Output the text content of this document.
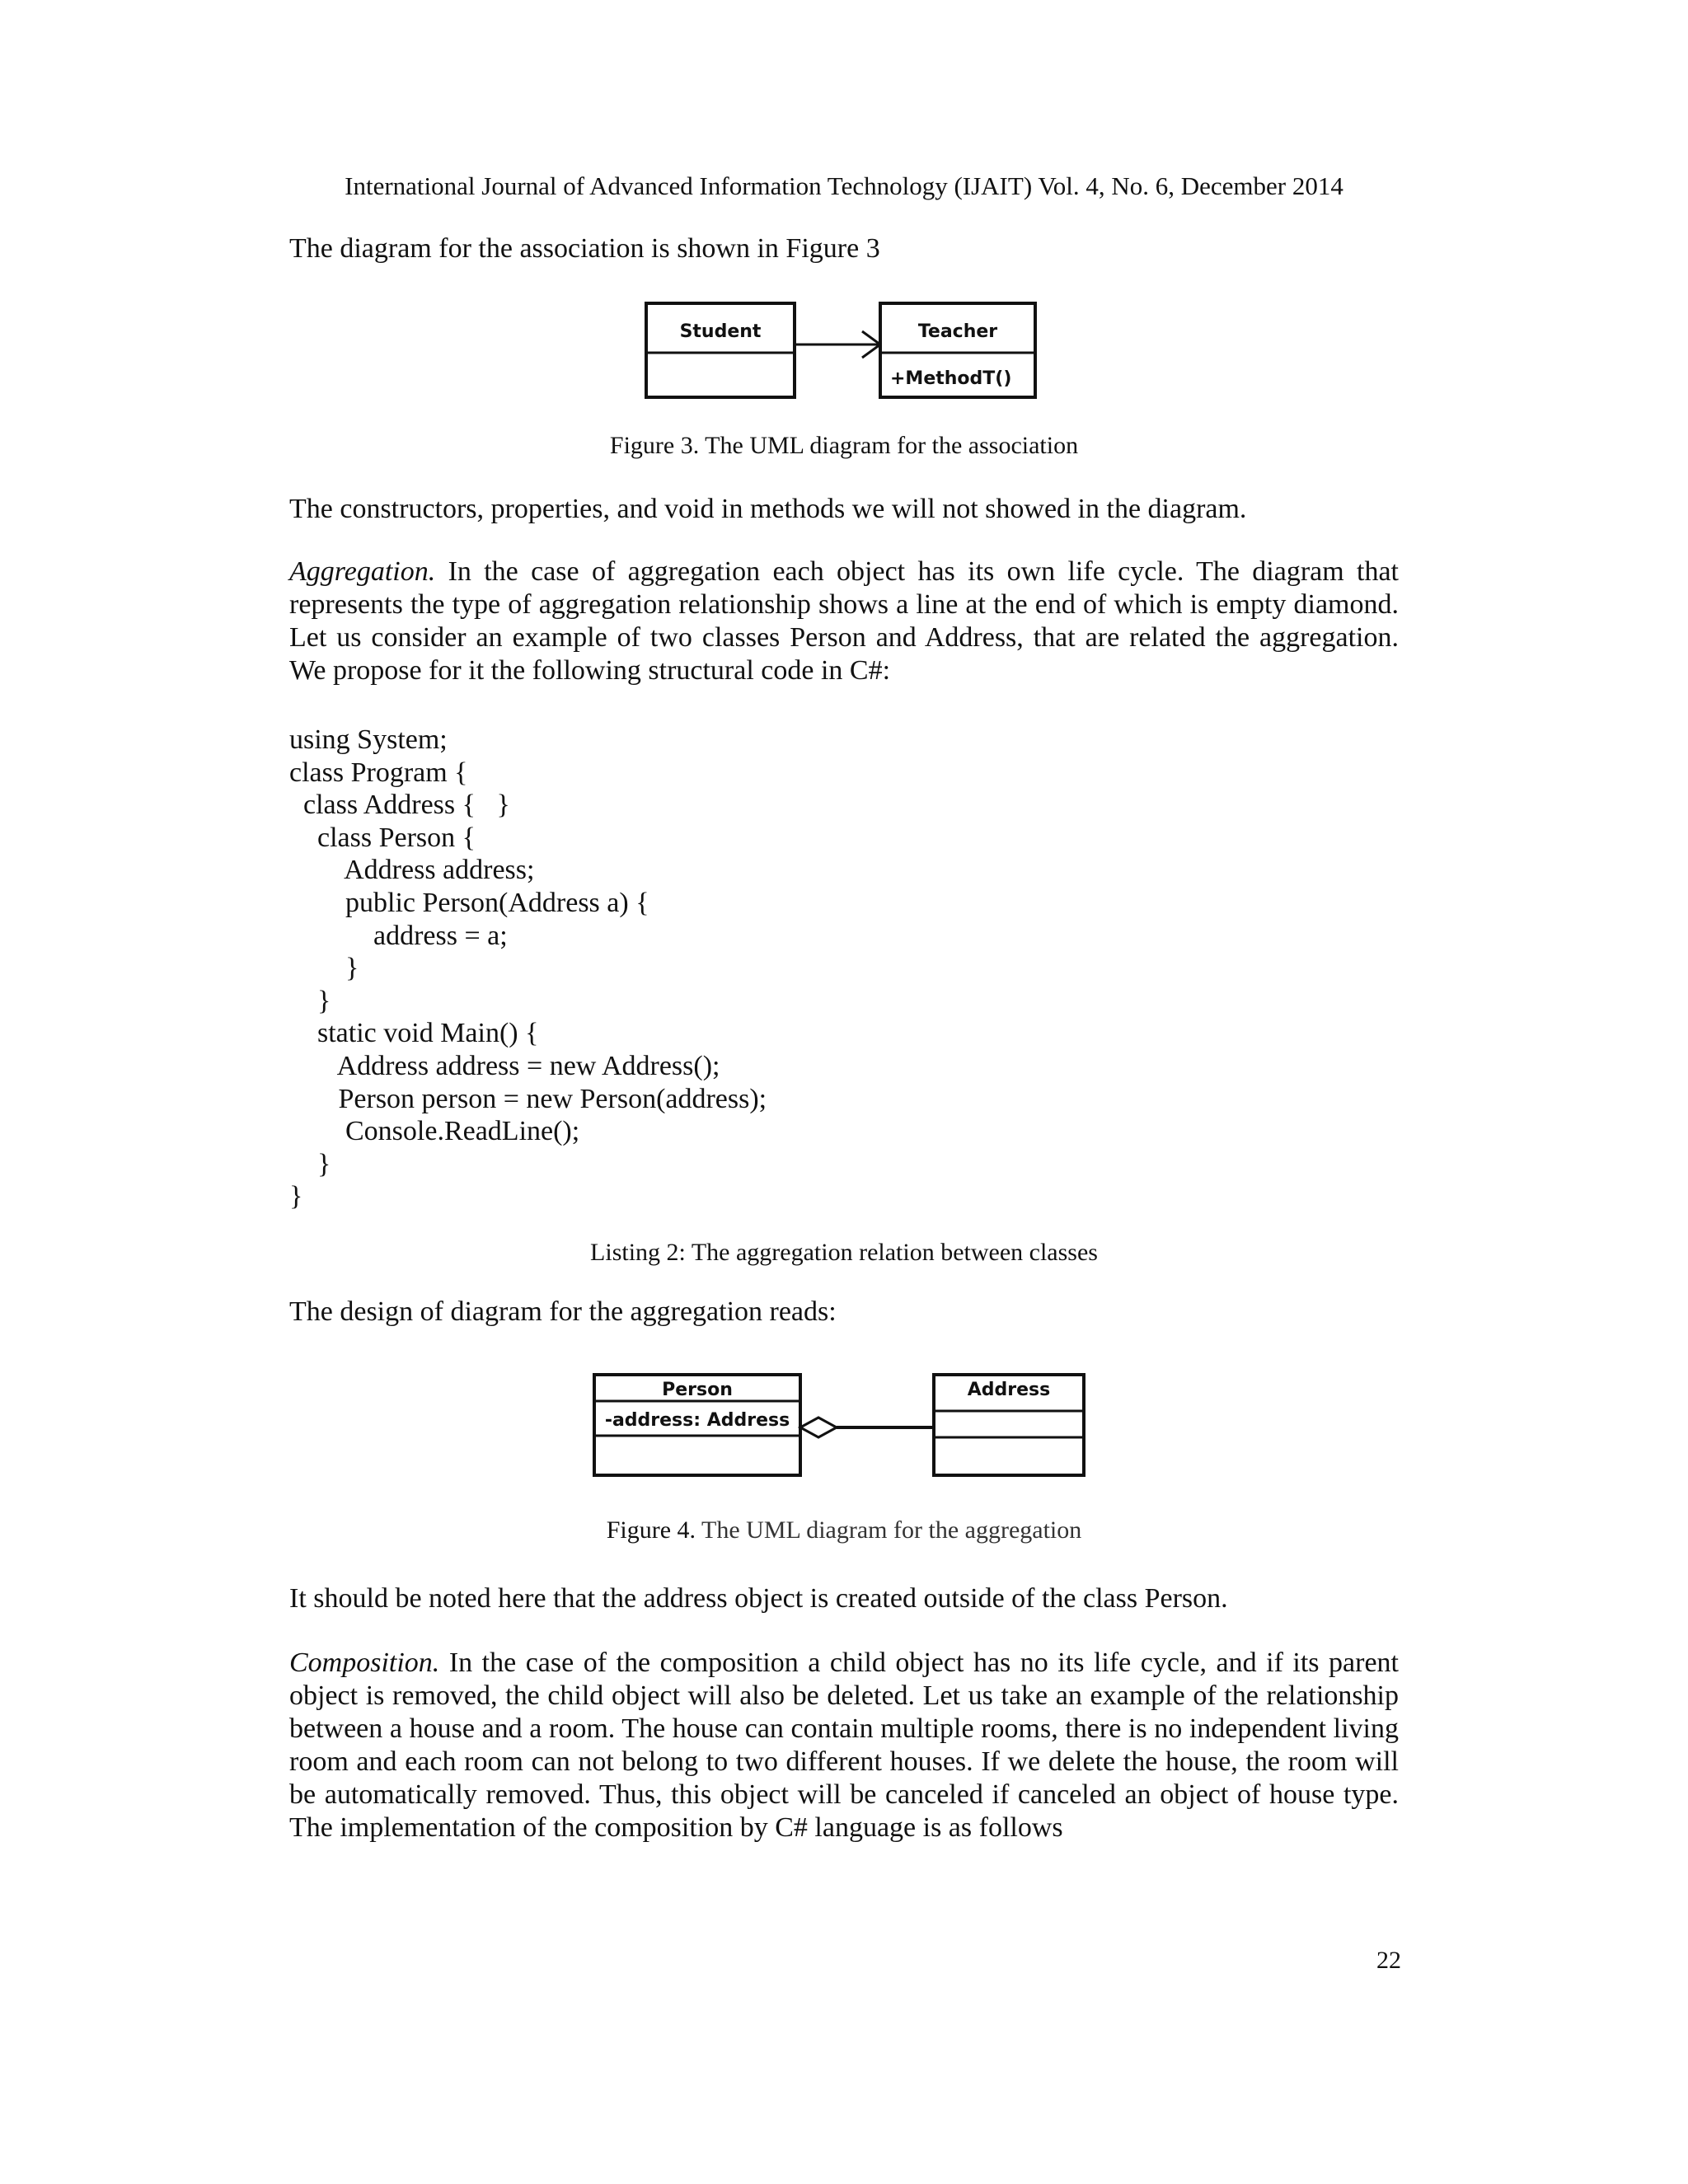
International Journal of Advanced Information Technology (IJAIT) Vol. 4, No. 6, December 2014
The diagram for the association is shown in Figure 3
Student	Teacher
+MethodT()
Figure 3. The UML diagram for the association
The constructors, properties, and void in methods we will not showed in the diagram.
Aggregation. In the case of aggregation each object has its own life cycle. The diagram that represents the type of aggregation relationship shows a line at the end of which is empty diamond. Let us consider an example of two classes Person and Address, that are related the aggregation. We propose for it the following structural code in C#:
using System;
class Program {
class Address {   }
class Person {
Address address;
public Person(Address a) {
address = a;
}
}
static void Main() {
Address address = new Address();
Person person = new Person(address);
Console.ReadLine();
}
}
Listing 2: The aggregation relation between classes
The design of diagram for the aggregation reads:
Person
-address: Address
Address
Figure 4. The UML diagram for the aggregation
It should be noted here that the address object is created outside of the class Person.
Composition. In the case of the composition a child object has no its life cycle, and if its parent object is removed, the child object will also be deleted. Let us take an example of the relationship between a house and a room. The house can contain multiple rooms, there is no independent living room and each room can not belong to two different houses. If we delete the house, the room will be automatically removed. Thus, this object will be canceled if canceled an object of house type. The implementation of the composition by C# language is as follows
22
